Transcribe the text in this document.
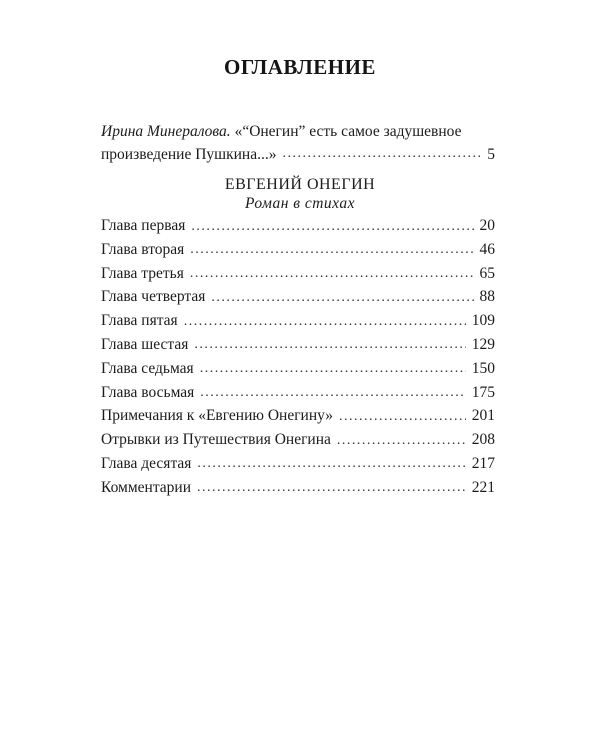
ОГЛАВЛЕНИЕ
Ирина Минералова. «“Онегин” есть самое задушевное
произведение Пушкина...» . . .	5
ЕВГЕНИЙ ОНЕГИН
Роман в стихах
Глава первая . . .	20
Глава вторая . . .	46
Глава третья . . .	65
Глава четвертая . . .	88
Глава пятая . . .	109
Глава шестая . . .	129
Глава седьмая . . .	150
Глава восьмая . . .	175
Примечания к «Евгению Онегину» . . .	201
Отрывки из Путешествия Онегина . . .	208
Глава десятая . . .	217
Комментарии . . .	221
